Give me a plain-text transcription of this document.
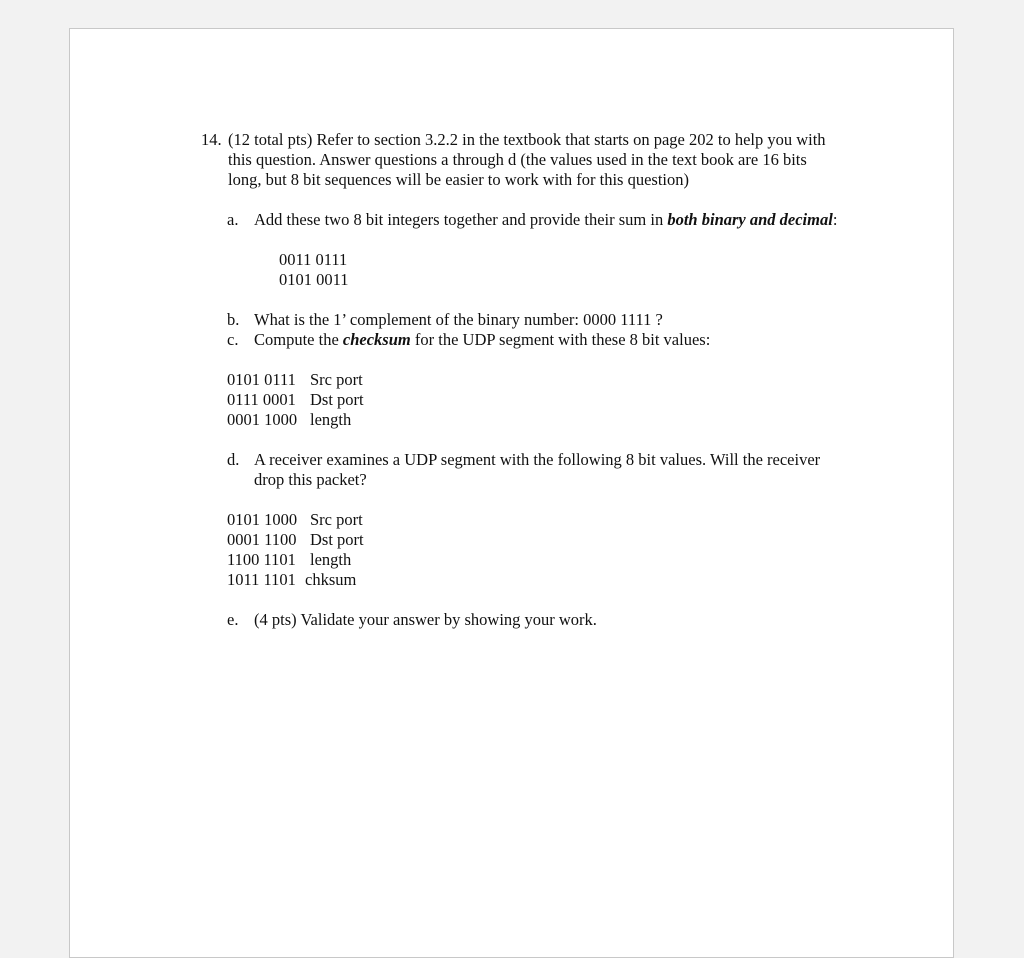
14. (12 total pts) Refer to section 3.2.2 in the textbook that starts on page 202 to help you with
this question. Answer questions a through d (the values used in the text book are 16 bits
long, but 8 bit sequences will be easier to work with for this question)
a. Add these two 8 bit integers together and provide their sum in both binary and decimal:
0011 0111
0101 0011
b. What is the 1’ complement of the binary number: 0000 1111 ?
c. Compute the checksum for the UDP segment with these 8 bit values:
0101 0111 Src port
0111 0001 Dst port
0001 1000 length
d. A receiver examines a UDP segment with the following 8 bit values. Will the receiver
drop this packet?
0101 1000 Src port
0001 1100 Dst port
1100 1101 length
1011 1101 chksum
e. (4 pts) Validate your answer by showing your work.
